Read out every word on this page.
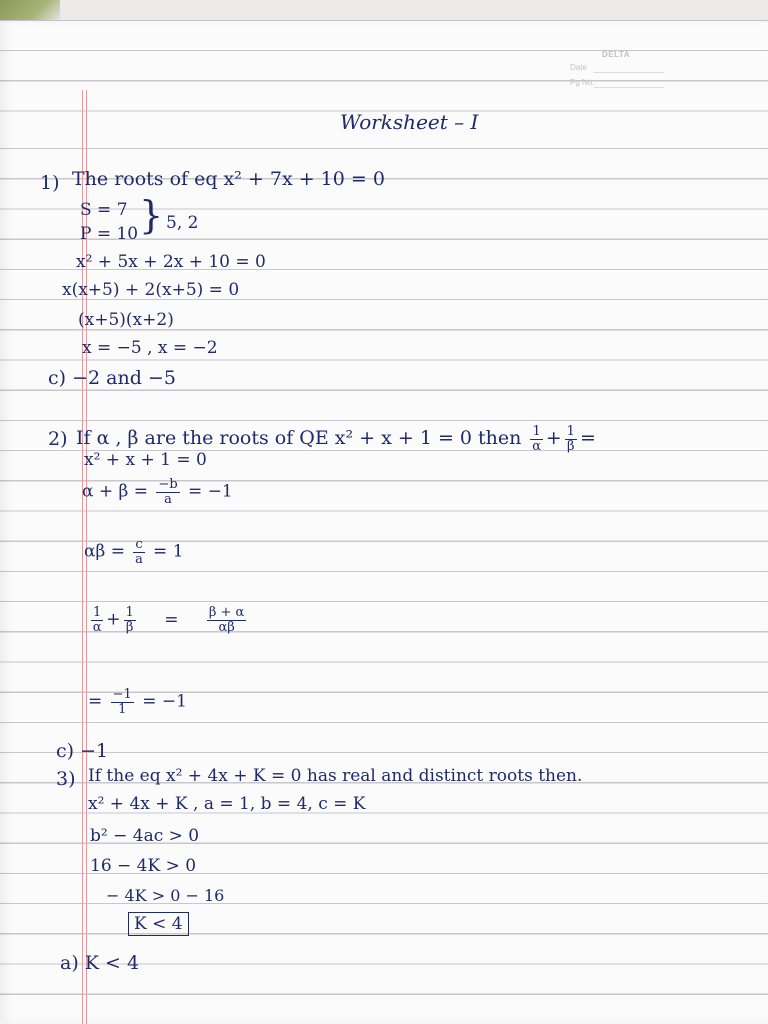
DELTA
Date
Pg No.
Worksheet – I
1) The roots of eq x² + 7x + 10 = 0
S = 7
P = 10 } 5, 2
x² + 5x + 2x + 10 = 0
x(x+5) + 2(x+5) = 0
(x+5)(x+2)
x = −5 , x = −2
c) −2 and −5
2) If α , β are the roots of QE x² + x + 1 = 0 then $\frac{1}{\alpha} + \frac{1}{\beta}$ =
x² + x + 1 = 0
$\alpha + \beta = \frac{-b}{a} = -1$
$\alpha\beta = \frac{c}{a} = 1$
$\frac{1}{\alpha} + \frac{1}{\beta} = \frac{\beta + \alpha}{\alpha\beta}$
= $\frac{-1}{1} = -1$
c) −1
3) If the eq x² + 4x + K = 0 has real and distinct roots then.
x² + 4x + K , a = 1, b = 4, c = K
b² − 4ac > 0
16 − 4K > 0
− 4K > 0 − 16
K < 4
a) K < 4
